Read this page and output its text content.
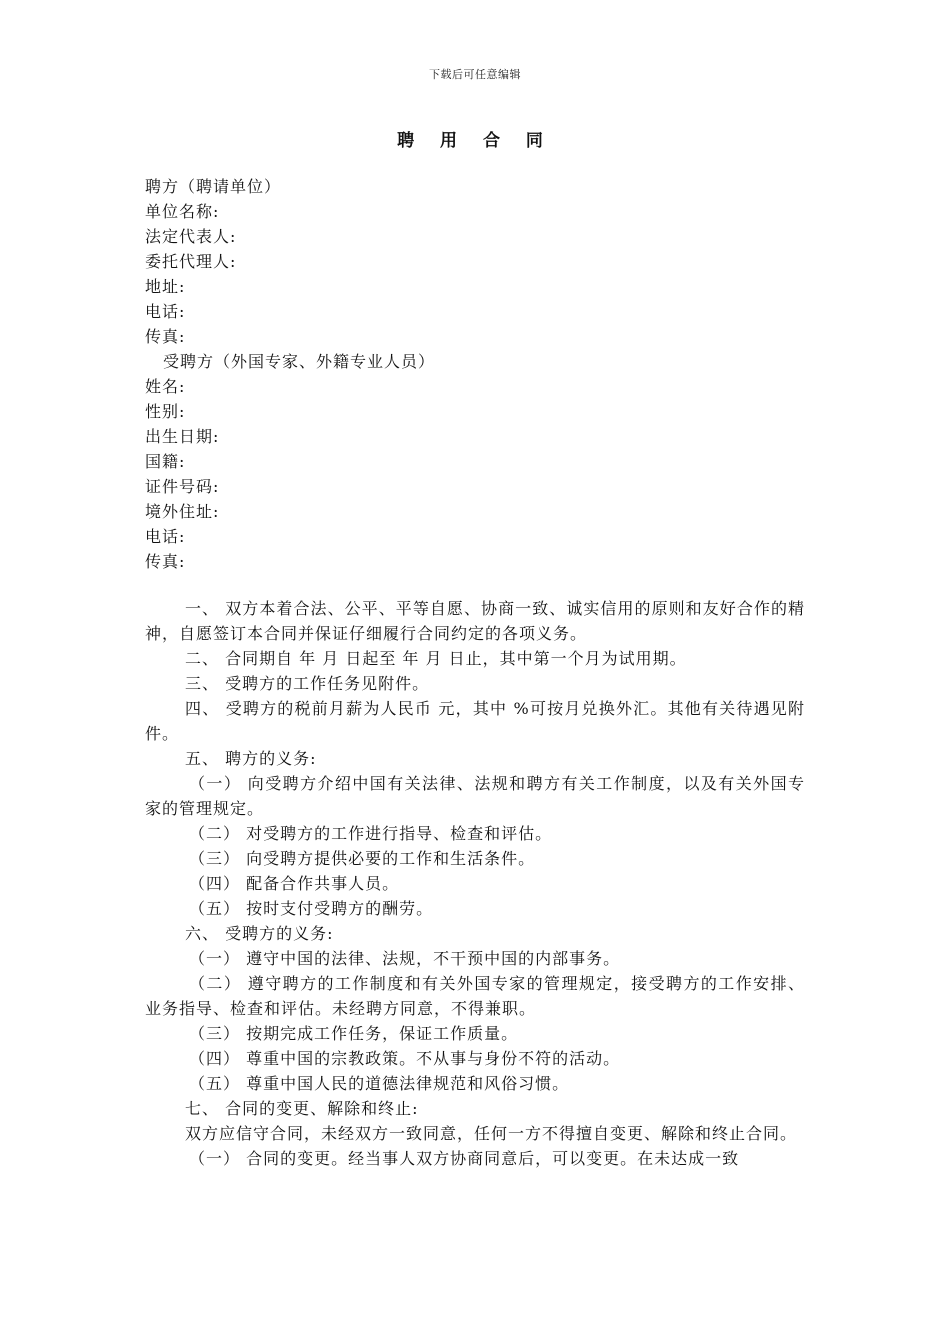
下载后可任意编辑
聘 用 合 同
聘方（聘请单位）
单位名称:
法定代表人:
委托代理人:
地址:
电话:
传真:
受聘方（外国专家、外籍专业人员）
姓名:
性别:
出生日期:
国籍:
证件号码:
境外住址:
电话:
传真:

一、 双方本着合法、公平、平等自愿、协商一致、诚实信用的原则和友好合作的精神，自愿签订本合同并保证仔细履行合同约定的各项义务。

二、 合同期自 年 月 日起至 年 月 日止，其中第一个月为试用期。

三、 受聘方的工作任务见附件。

四、 受聘方的税前月薪为人民币 元，其中 %可按月兑换外汇。其他有关待遇见附件。

五、 聘方的义务:

（一） 向受聘方介绍中国有关法律、法规和聘方有关工作制度，以及有关外国专家的管理规定。

（二） 对受聘方的工作进行指导、检查和评估。

（三） 向受聘方提供必要的工作和生活条件。

（四） 配备合作共事人员。

（五） 按时支付受聘方的酬劳。

六、 受聘方的义务:

（一） 遵守中国的法律、法规，不干预中国的内部事务。

（二） 遵守聘方的工作制度和有关外国专家的管理规定，接受聘方的工作安排、业务指导、检查和评估。未经聘方同意，不得兼职。

（三） 按期完成工作任务，保证工作质量。

（四） 尊重中国的宗教政策。不从事与身份不符的活动。

（五） 尊重中国人民的道德法律规范和风俗习惯。

七、 合同的变更、解除和终止:

双方应信守合同，未经双方一致同意，任何一方不得擅自变更、解除和终止合同。

（一） 合同的变更。经当事人双方协商同意后，可以变更。在未达成一致
